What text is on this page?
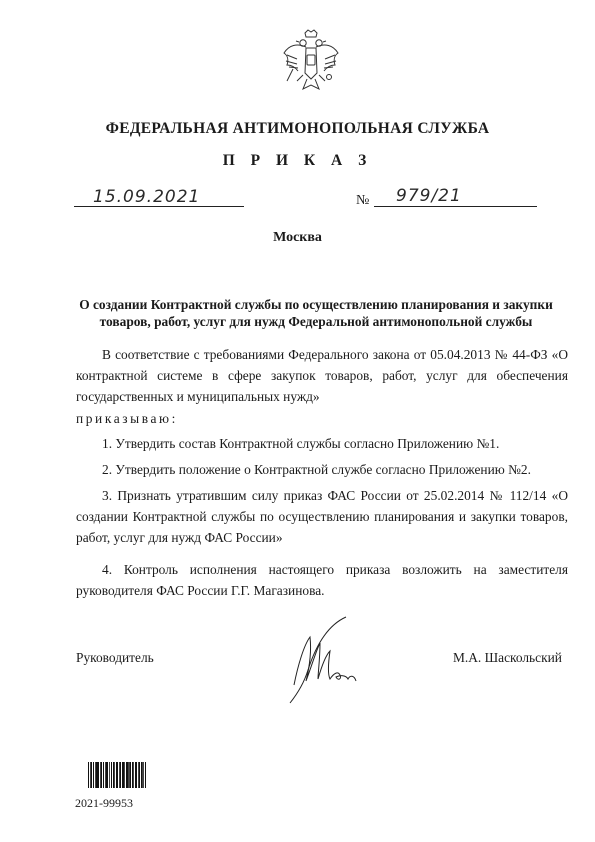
ФЕДЕРАЛЬНАЯ АНТИМОНОПОЛЬНАЯ СЛУЖБА
П Р И К А З
15.09.2021	№ 979/21
Москва
О создании Контрактной службы по осуществлению планирования и закупки товаров, работ, услуг для нужд Федеральной антимонопольной службы
В соответствие с требованиями Федерального закона от 05.04.2013 № 44-ФЗ «О контрактной системе в сфере закупок товаров, работ, услуг для обеспечения государственных и муниципальных нужд»
приказываю:
1. Утвердить состав Контрактной службы согласно Приложению №1.
2. Утвердить положение о Контрактной службе согласно Приложению №2.
3. Признать утратившим силу приказ ФАС России от 25.02.2014 № 112/14 «О создании Контрактной службы по осуществлению планирования и закупки товаров, работ, услуг для нужд ФАС России»
4. Контроль исполнения настоящего приказа возложить на заместителя руководителя ФАС России Г.Г. Магазинова.
Руководитель	М.А. Шаскольский
2021-99953
